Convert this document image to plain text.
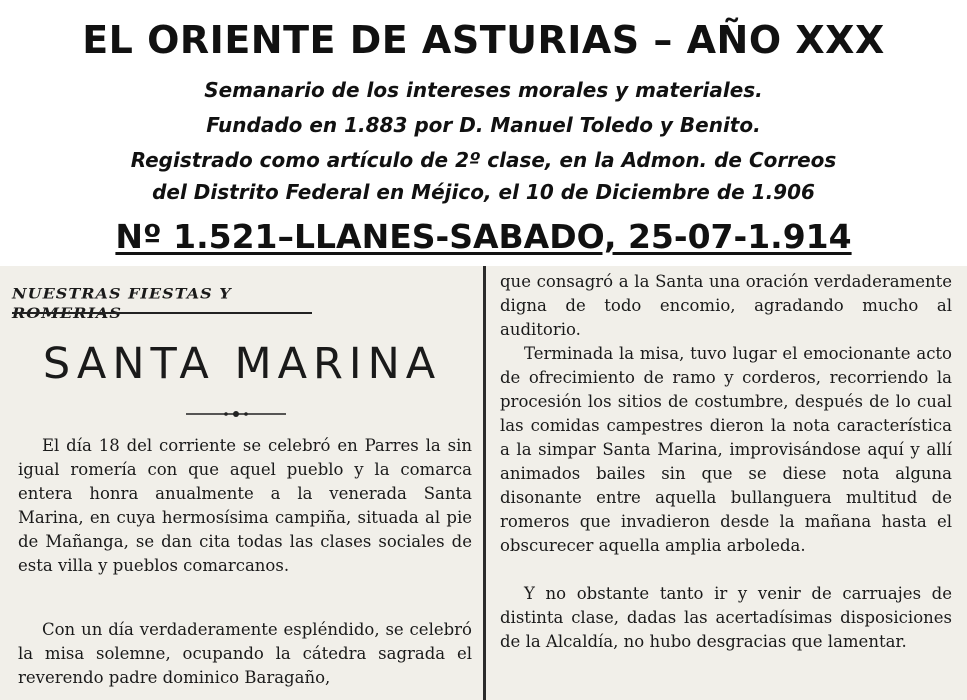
EL ORIENTE DE ASTURIAS – AÑO XXX
Semanario de los intereses morales y materiales.
Fundado en 1.883 por D. Manuel Toledo y Benito.
Registrado como artículo de 2º clase, en la Admon. de Correos
del Distrito Federal en Méjico, el 10 de Diciembre de 1.906
Nº 1.521–LLANES-SABADO, 25-07-1.914
NUESTRAS FIESTAS Y
SANTA MARINA

El día 18 del corriente se celebró en Parres la sin igual romería con que aquel pueblo y la comarca entera honra anualmente a la venerada Santa Marina, en cuya hermosísima campiña, situada al pie de Mañanga, se dan cita todas las clases sociales de esta villa y pueblos comarcanos.

Con un día verdaderamente espléndido, se celebró la misa solemne, ocupando la cátedra sagrada el reverendo padre dominico Baragaño,

que consagró a la Santa una oración verdaderamente digna de todo encomio, agradando mucho al auditorio.

Terminada la misa, tuvo lugar el emocionante acto de ofrecimiento de ramo y corderos, recorriendo la procesión los sitios de costumbre, después de lo cual las comidas campestres dieron la nota característica a la simpar Santa Marina, improvisándose aquí y allí animados bailes sin que se diese nota alguna disonante entre aquella bullanguera multitud de romeros que invadieron desde la mañana hasta el obscurecer aquella amplia arboleda.

Y no obstante tanto ir y venir de carruajes de distinta clase, dadas las acertadísimas disposiciones de la Alcaldía, no hubo desgracias que lamentar.
